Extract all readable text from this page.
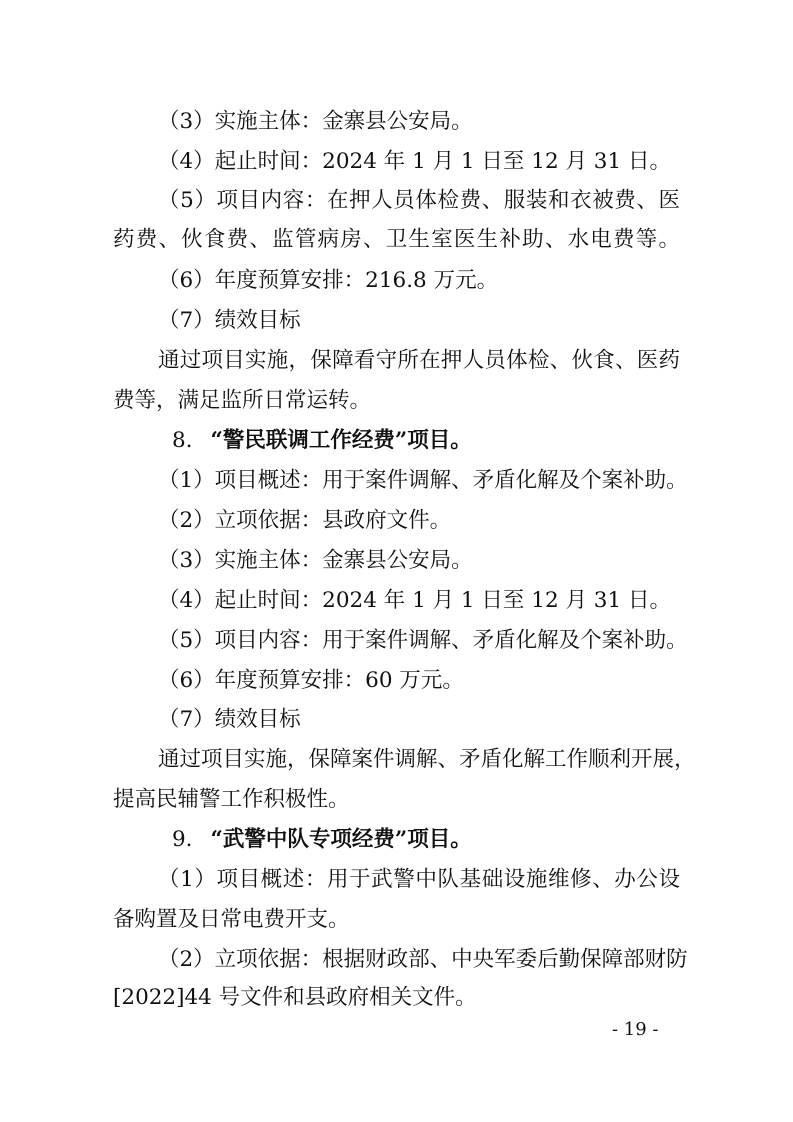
（3）实施主体：金寨县公安局。
（4）起止时间：2024 年 1 月 1 日至 12 月 31 日。
（5）项目内容：在押人员体检费、服装和衣被费、医
药费、伙食费、监管病房、卫生室医生补助、水电费等。
（6）年度预算安排：216.8 万元。
（7）绩效目标
通过项目实施，保障看守所在押人员体检、伙食、医药
费等，满足监所日常运转。
8. “警民联调工作经费”项目。
（1）项目概述：用于案件调解、矛盾化解及个案补助。
（2）立项依据：县政府文件。
（3）实施主体：金寨县公安局。
（4）起止时间：2024 年 1 月 1 日至 12 月 31 日。
（5）项目内容：用于案件调解、矛盾化解及个案补助。
（6）年度预算安排：60 万元。
（7）绩效目标
通过项目实施，保障案件调解、矛盾化解工作顺利开展，
提高民辅警工作积极性。
9. “武警中队专项经费”项目。
（1）项目概述：用于武警中队基础设施维修、办公设
备购置及日常电费开支。
（2）立项依据：根据财政部、中央军委后勤保障部财防
[2022]44 号文件和县政府相关文件。
- 19 -
